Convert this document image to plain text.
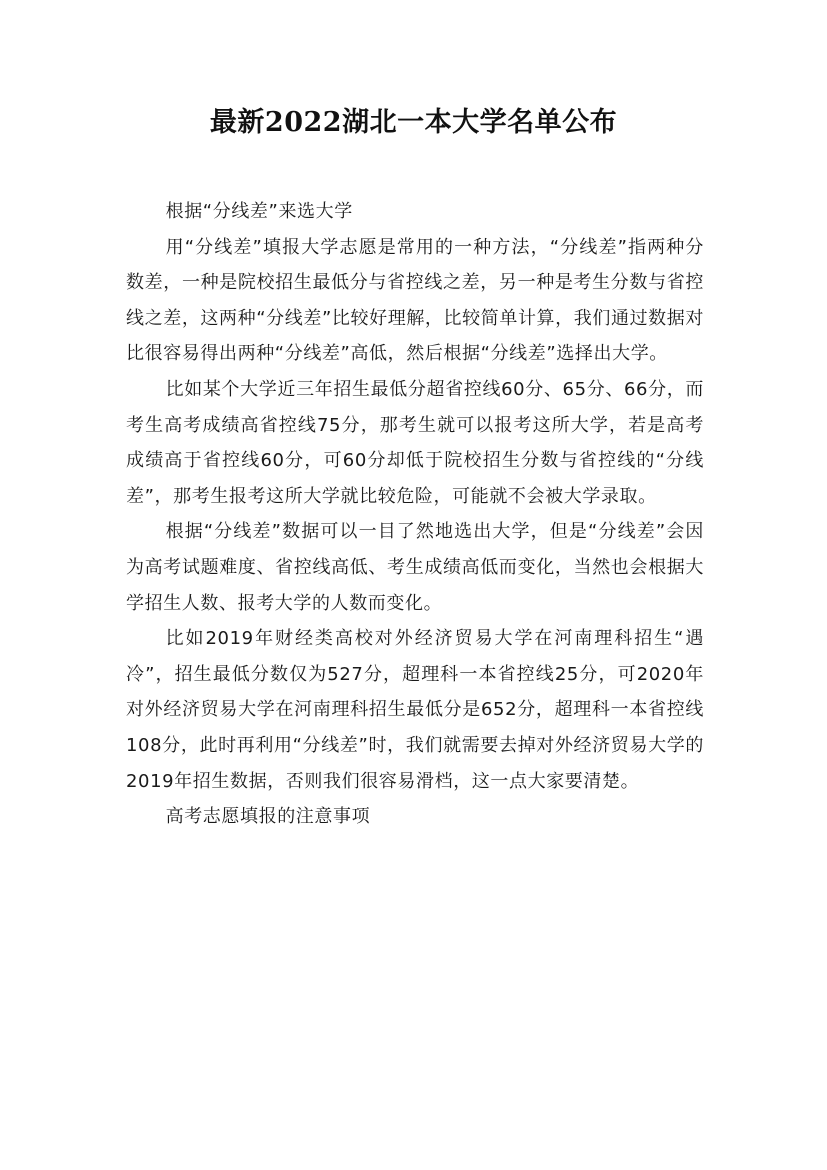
最新2022湖北一本大学名单公布

根据“分线差”来选大学

用“分线差”填报大学志愿是常用的一种方法，“分线差”指两种分数差，一种是院校招生最低分与省控线之差，另一种是考生分数与省控线之差，这两种“分线差”比较好理解，比较简单计算，我们通过数据对比很容易得出两种“分线差”高低，然后根据“分线差”选择出大学。

比如某个大学近三年招生最低分超省控线60分、65分、66分，而考生高考成绩高省控线75分，那考生就可以报考这所大学，若是高考成绩高于省控线60分，可60分却低于院校招生分数与省控线的“分线差”，那考生报考这所大学就比较危险，可能就不会被大学录取。

根据“分线差”数据可以一目了然地选出大学，但是“分线差”会因为高考试题难度、省控线高低、考生成绩高低而变化，当然也会根据大学招生人数、报考大学的人数而变化。

比如2019年财经类高校对外经济贸易大学在河南理科招生“遇冷”，招生最低分数仅为527分，超理科一本省控线25分，可2020年对外经济贸易大学在河南理科招生最低分是652分，超理科一本省控线108分，此时再利用“分线差”时，我们就需要去掉对外经济贸易大学的2019年招生数据，否则我们很容易滑档，这一点大家要清楚。

高考志愿填报的注意事项
